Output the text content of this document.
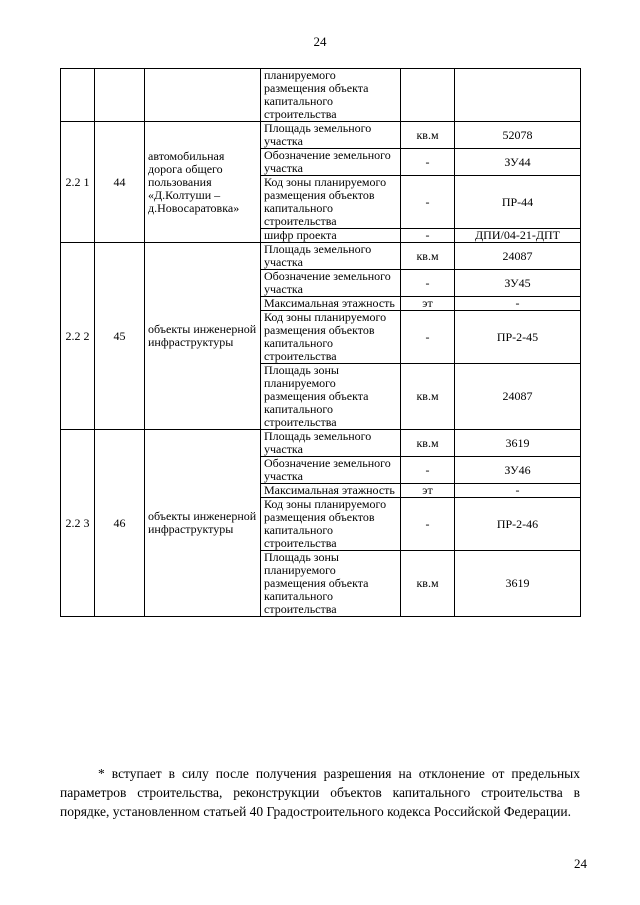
24
			планируемого размещения объекта капитального строительства		
2.2 1	44	автомобильная дорога общего пользования «Д.Колтуши – д.Новосаратовка»	Площадь земельного участка	кв.м	52078
			Обозначение земельного участка	-	ЗУ44
			Код зоны планируемого размещения объектов капитального строительства	-	ПР-44
			шифр проекта	-	ДПИ/04-21-ДПТ
2.2 2	45	объекты инженерной инфраструктуры	Площадь земельного участка	кв.м	24087
			Обозначение земельного участка	-	ЗУ45
			Максимальная этажность	эт	-
			Код зоны планируемого размещения объектов капитального строительства	-	ПР-2-45
			Площадь зоны планируемого размещения объекта капитального строительства	кв.м	24087
2.2 3	46	объекты инженерной инфраструктуры	Площадь земельного участка	кв.м	3619
			Обозначение земельного участка	-	ЗУ46
			Максимальная этажность	эт	-
			Код зоны планируемого размещения объектов капитального строительства	-	ПР-2-46
			Площадь зоны планируемого размещения объекта капитального строительства	кв.м	3619
* вступает в силу после получения разрешения на отклонение от предельных параметров строительства, реконструкции объектов капитального строительства в порядке, установленном статьей 40 Градостроительного кодекса Российской Федерации.
24
